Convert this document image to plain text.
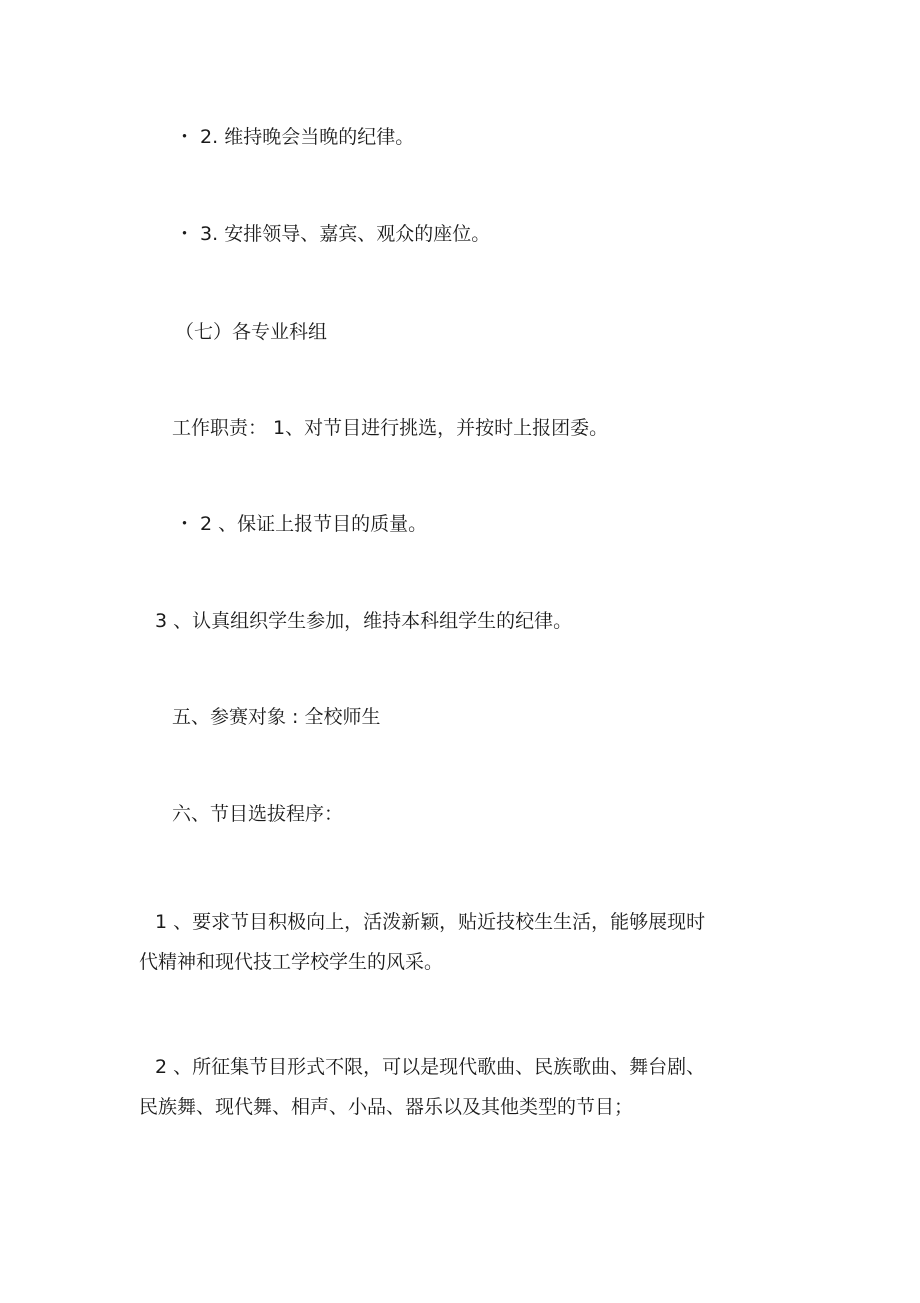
・ 2. 维持晚会当晚的纪律。
・ 3. 安排领导、嘉宾、观众的座位。
（七）各专业科组
工作职责： 1、对节目进行挑选，并按时上报团委。
・ 2 、保证上报节目的质量。
3 、认真组织学生参加，维持本科组学生的纪律。
五、参赛对象 : 全校师生
六、节目选拔程序：
1 、要求节目积极向上，活泼新颖，贴近技校生生活，能够展现时
代精神和现代技工学校学生的风采。
2 、所征集节目形式不限，可以是现代歌曲、民族歌曲、舞台剧、
民族舞、现代舞、相声、小品、器乐以及其他类型的节目；
